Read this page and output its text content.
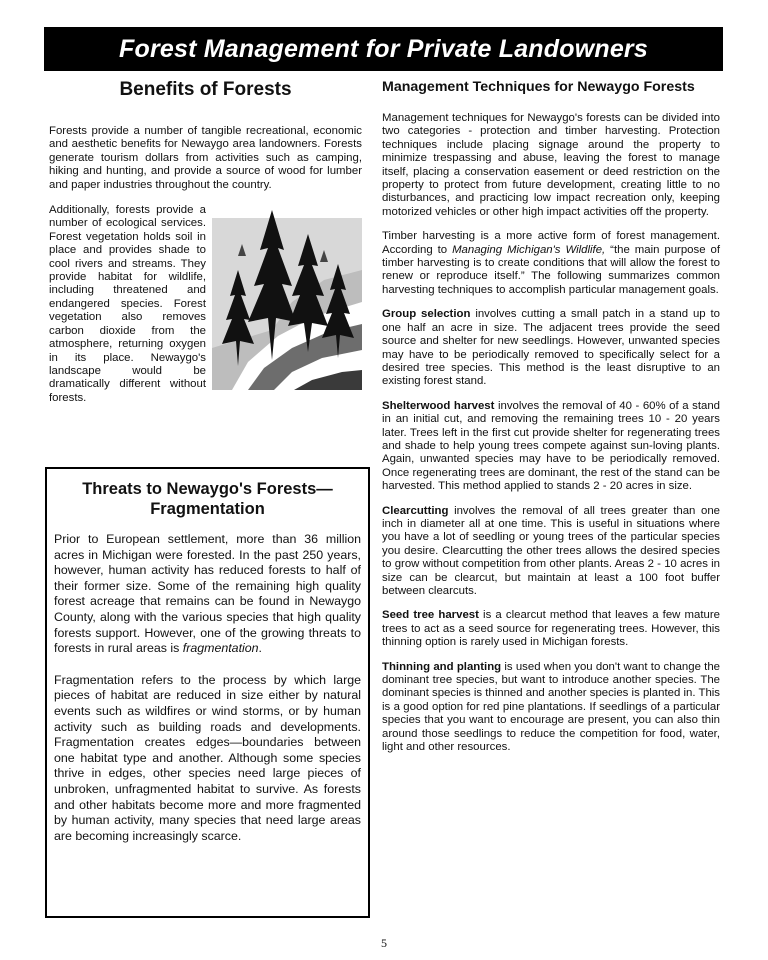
Forest Management for Private Landowners
Benefits of Forests

Forests provide a number of tangible recreational, economic and aesthetic benefits for Newaygo area landowners. Forests generate tourism dollars from activities such as camping, hiking and hunting, and provide a source of wood for lumber and paper industries throughout the country.

Additionally, forests provide a number of ecological services. Forest vegetation holds soil in place and provides shade to cool rivers and streams. They provide habitat for wildlife, including threatened and endangered species. Forest vegetation also removes carbon dioxide from the atmosphere, returning oxygen in its place. Newaygo's landscape would be dramatically different without forests.

Threats to Newaygo's Forests—Fragmentation

Prior to European settlement, more than 36 million acres in Michigan were forested. In the past 250 years, however, human activity has reduced forests to half of their former size. Some of the remaining high quality forest acreage that remains can be found in Newaygo County, along with the various species that high quality forests support. However, one of the growing threats to forests in rural areas is fragmentation.

Fragmentation refers to the process by which large pieces of habitat are reduced in size either by natural events such as wildfires or wind storms, or by human activity such as building roads and developments. Fragmentation creates edges—boundaries between one habitat type and another. Although some species thrive in edges, other species need large pieces of unbroken, unfragmented habitat to survive. As forests and other habitats become more and more fragmented by human activity, many species that need large areas are becoming increasingly scarce.

Management Techniques for Newaygo Forests

Management techniques for Newaygo's forests can be divided into two categories - protection and timber harvesting. Protection techniques include placing signage around the property to minimize trespassing and abuse, leaving the forest to manage itself, placing a conservation easement or deed restriction on the property to protect from future development, creating little to no disturbances, and practicing low impact recreation only, keeping motorized vehicles or other high impact activities off the property.

Timber harvesting is a more active form of forest management. According to Managing Michigan's Wildlife, “the main purpose of timber harvesting is to create conditions that will allow the forest to renew or reproduce itself.” The following summarizes common harvesting techniques to accomplish particular management goals.

Group selection involves cutting a small patch in a stand up to one half an acre in size. The adjacent trees provide the seed source and shelter for new seedlings. However, unwanted species may have to be periodically removed to specifically select for a desired tree species. This method is the least disruptive to an existing forest stand.

Shelterwood harvest involves the removal of 40 - 60% of a stand in an initial cut, and removing the remaining trees 10 - 20 years later. Trees left in the first cut provide shelter for regenerating trees and shade to help young trees compete against sun-loving plants. Again, unwanted species may have to be periodically removed. Once regenerating trees are dominant, the rest of the stand can be harvested. This method applied to stands 2 - 20 acres in size.

Clearcutting involves the removal of all trees greater than one inch in diameter all at one time. This is useful in situations where you have a lot of seedling or young trees of the particular species you desire. Clearcutting the other trees allows the desired species to grow without competition from other plants. Areas 2 - 10 acres in size can be clearcut, but maintain at least a 100 foot buffer between clearcuts.

Seed tree harvest is a clearcut method that leaves a few mature trees to act as a seed source for regenerating trees. However, this thinning option is rarely used in Michigan forests.

Thinning and planting is used when you don't want to change the dominant tree species, but want to introduce another species. The dominant species is thinned and another species is planted in. This is a good option for red pine plantations. If seedlings of a particular species that you want to encourage are present, you can also thin around those seedlings to reduce the competition for food, water, light and other resources.

5
